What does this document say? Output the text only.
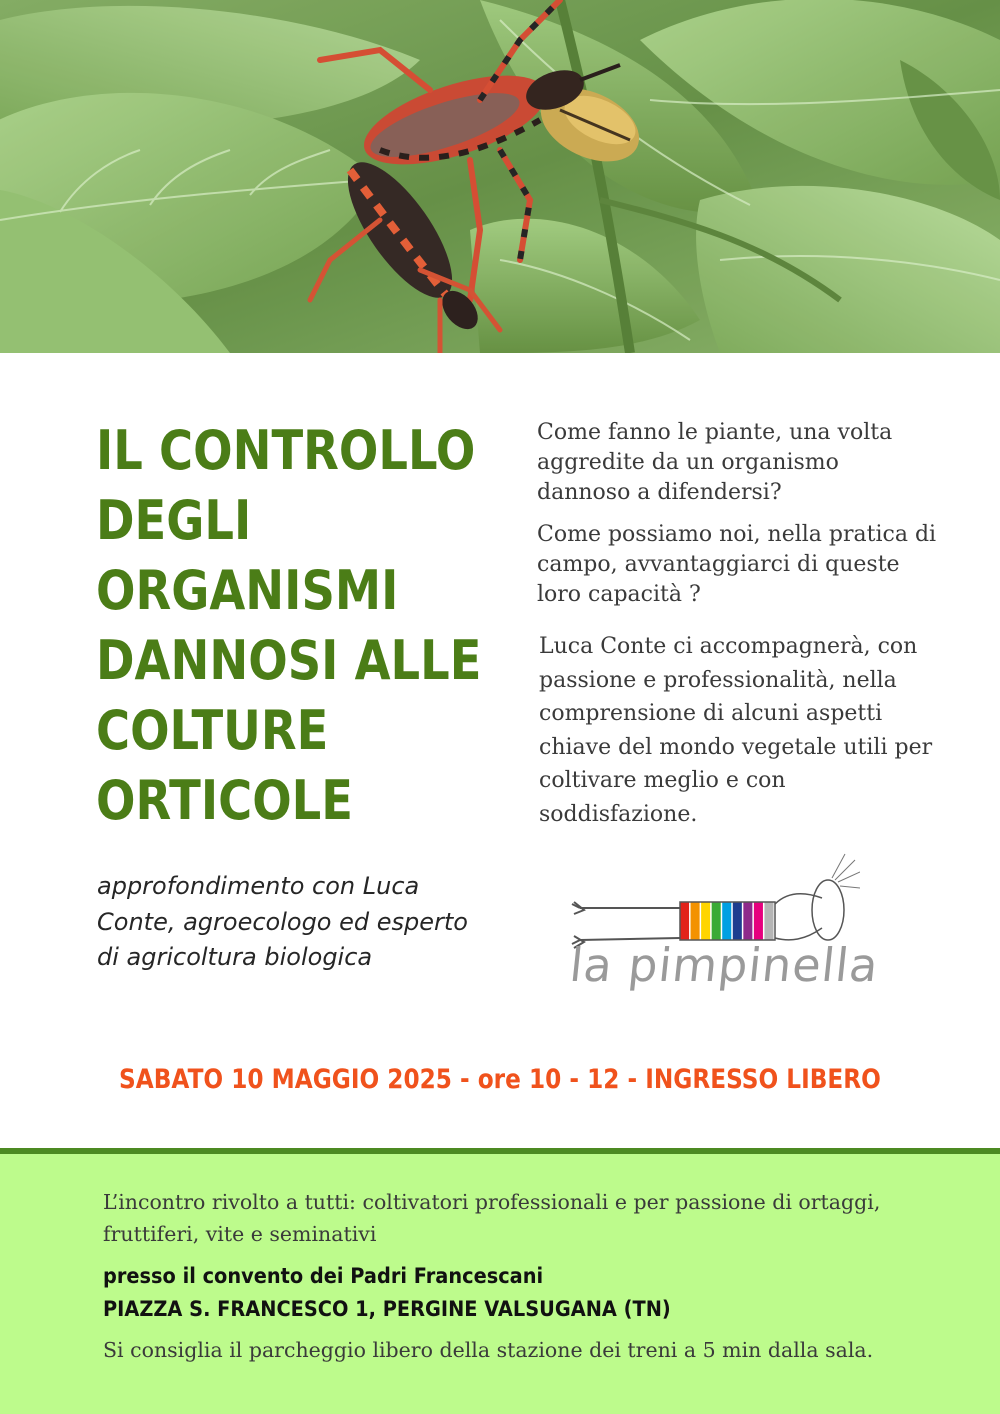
IL CONTROLLO
DEGLI
ORGANISMI
DANNOSI ALLE
COLTURE
ORTICOLE

Come fanno le piante, una volta aggredite da un organismo dannoso a difendersi?

Come possiamo noi, nella pratica di campo, avvantaggiarci di queste loro capacità ?

Luca Conte ci accompagnerà, con passione e professionalità, nella comprensione di alcuni aspetti chiave del mondo vegetale utili per coltivare meglio e con soddisfazione.

approfondimento con Luca Conte, agroecologo ed esperto di agricoltura biologica	la pimpinella
SABATO 10 MAGGIO 2025 - ore 10 - 12 - INGRESSO LIBERO

L’incontro rivolto a tutti: coltivatori professionali e per passione di ortaggi, fruttiferi, vite e seminativi

presso il convento dei Padri Francescani
PIAZZA S. FRANCESCO 1, PERGINE VALSUGANA (TN)

Si consiglia il parcheggio libero della stazione dei treni a 5 min dalla sala.
